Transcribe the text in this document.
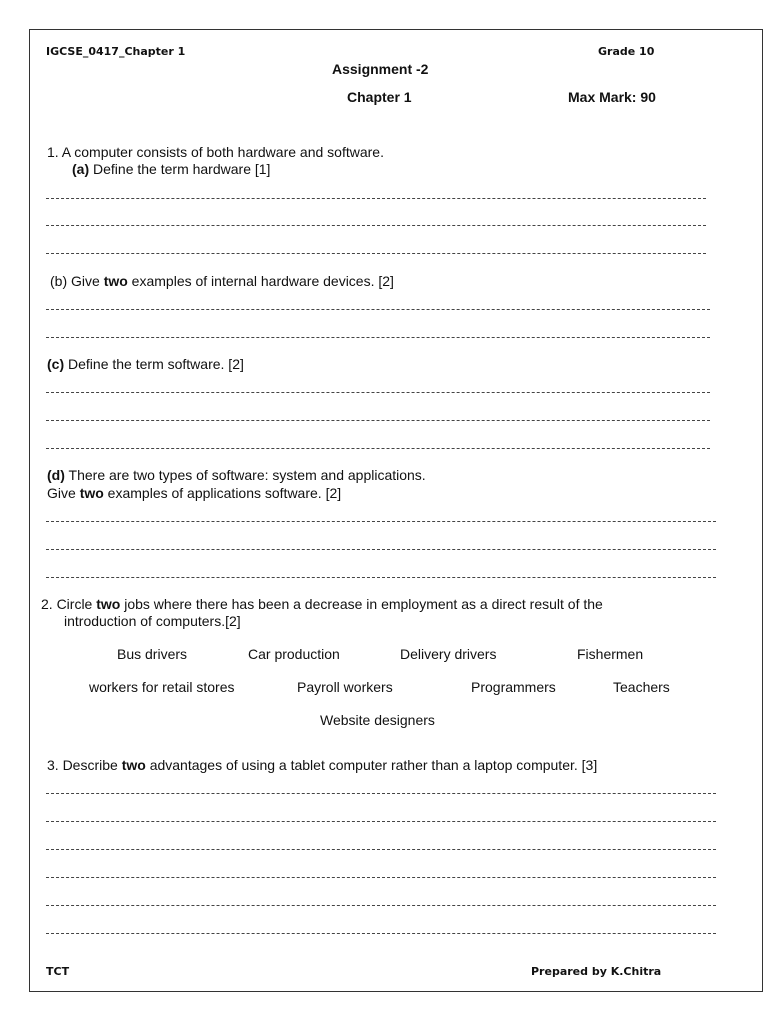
IGCSE_0417_Chapter 1	Grade 10
Assignment -2
Chapter 1	Max Mark: 90
1. A computer consists of both hardware and software.
(a) Define the term hardware [1]
(b) Give two examples of internal hardware devices. [2]
(c) Define the term software. [2]
(d) There are two types of software: system and applications.
Give two examples of applications software. [2]
2. Circle two jobs where there has been a decrease in employment as a direct result of the
introduction of computers.[2]
Bus drivers	Car production	Delivery drivers	Fishermen
workers for retail stores	Payroll workers	Programmers	Teachers
Website designers
3. Describe two advantages of using a tablet computer rather than a laptop computer. [3]
TCT	Prepared by K.Chitra
